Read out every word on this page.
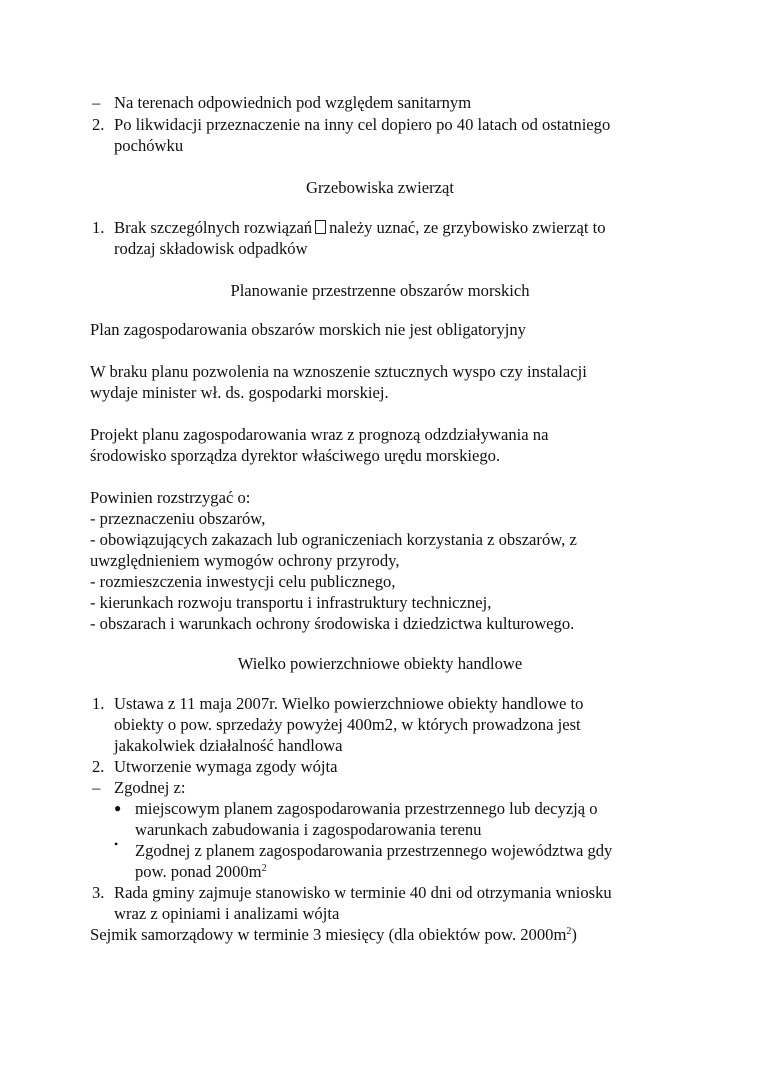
– Na terenach odpowiednich pod względem sanitarnym

2. Po likwidacji przeznaczenie na inny cel dopiero po 40 latach od ostatniego

pochówku

Grzebowiska zwierząt

1. Brak szczególnych rozwiązań należy uznać, ze grzybowisko zwierząt to

rodzaj składowisk odpadków

Planowanie przestrzenne obszarów morskich

Plan zagospodarowania obszarów morskich nie jest obligatoryjny

W braku planu pozwolenia na wznoszenie sztucznych wyspo czy instalacji

wydaje minister wł. ds. gospodarki morskiej.

Projekt planu zagospodarowania wraz z prognozą odzdziaływania na

środowisko sporządza dyrektor właściwego urędu morskiego.

Powinien rozstrzygać o:

- przeznaczeniu obszarów,

- obowiązujących zakazach lub ograniczeniach korzystania z obszarów, z

uwzględnieniem wymogów ochrony przyrody,

- rozmieszczenia inwestycji celu publicznego,

- kierunkach rozwoju transportu i infrastruktury technicznej,

- obszarach i warunkach ochrony środowiska i dziedzictwa kulturowego.

Wielko powierzchniowe obiekty handlowe

1. Ustawa z 11 maja 2007r. Wielko powierzchniowe obiekty handlowe to

obiekty o pow. sprzedaży powyżej 400m2, w których prowadzona jest

jakakolwiek działalność handlowa

2. Utworzenie wymaga zgody wójta

– Zgodnej z:

● miejscowym planem zagospodarowania przestrzennego lub decyzją o

warunkach zabudowania i zagospodarowania terenu

• Zgodnej z planem zagospodarowania przestrzennego województwa gdy

pow. ponad $2000m^2$

3. Rada gminy zajmuje stanowisko w terminie 40 dni od otrzymania wniosku

wraz z opiniami i analizami wójta

Sejmik samorządowy w terminie 3 miesięcy (dla obiektów pow. $2000m^2$)
